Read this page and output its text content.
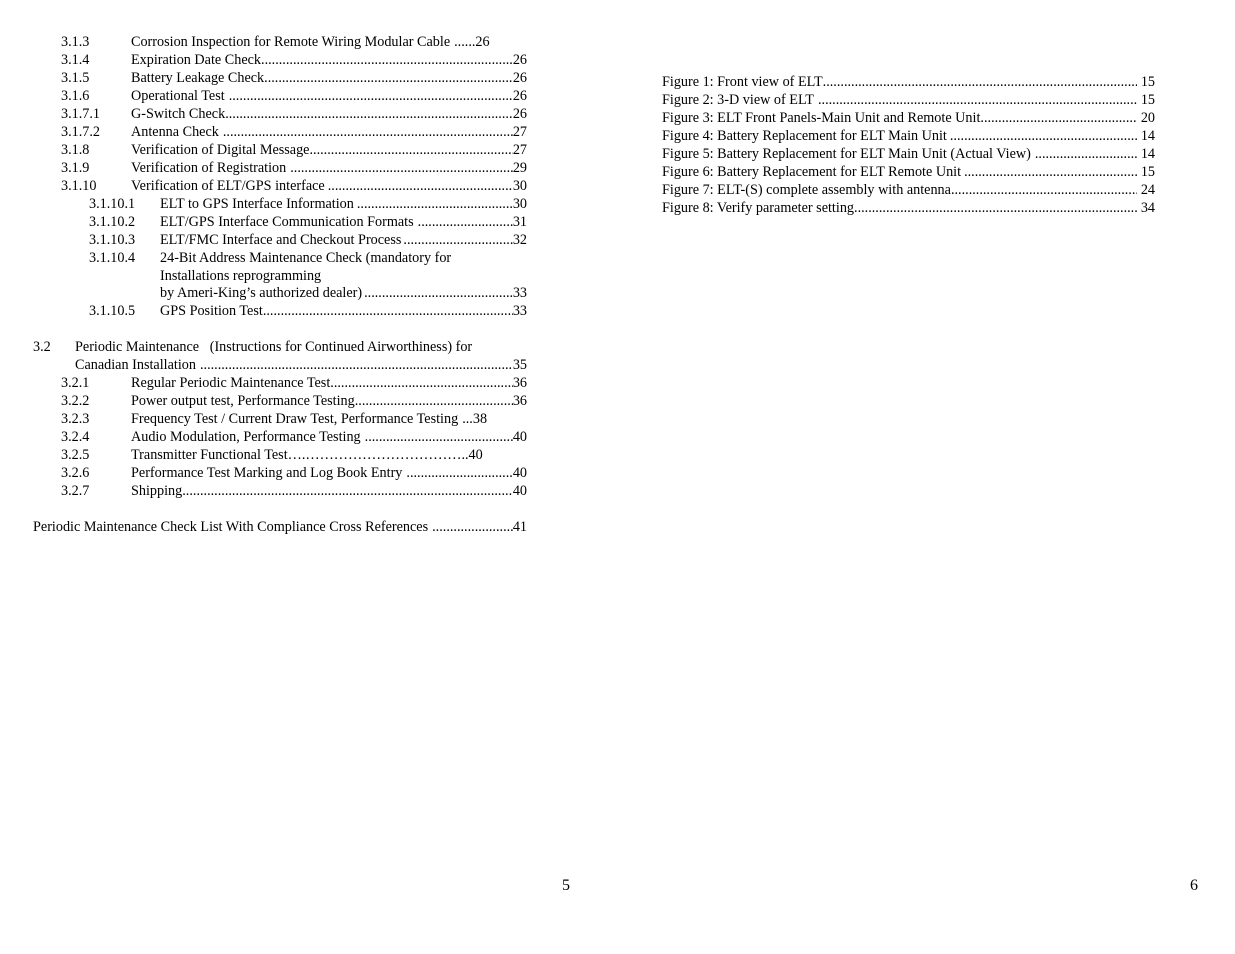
3.1.3	Corrosion Inspection for Remote Wiring Modular Cable ...... 26
3.1.4	Expiration Date Check .....	26
3.1.5	Battery Leakage Check .....	26
3.1.6	Operational Test .....	26
3.1.7.1 G-Switch Check .....	26
3.1.7.2 Antenna Check .....	27
3.1.8	Verification of Digital Message .....	27
3.1.9	Verification of Registration .....	29
3.1.10 Verification of ELT/GPS interface .....	30
3.1.10.1 ELT to GPS Interface Information .....	30
3.1.10.2 ELT/GPS Interface Communication Formats .....	31
3.1.10.3 ELT/FMC Interface and Checkout Process .....	32
3.1.10.4 24-Bit Address Maintenance Check (mandatory for
Installations reprogramming
by Ameri-King’s authorized dealer) .....	33
3.1.10.5 GPS Position Test .....	33
3.2 Periodic Maintenance   (Instructions for Continued Airworthiness) for
Canadian Installation .....	35
3.2.1	Regular Periodic Maintenance Test .....	36
3.2.2	Power output test, Performance Testing .....	36
3.2.3	Frequency Test / Current Draw Test, Performance Testing ... 38
3.2.4	Audio Modulation, Performance Testing .....	40
3.2.5	Transmitter Functional Test….……………………………..40
3.2.6	Performance Test Marking and Log Book Entry .....	40
3.2.7	Shipping .....	40
Periodic Maintenance Check List With Compliance Cross References .....	41
5
Figure 1: Front view of ELT .....	15
Figure 2: 3-D view of ELT .....	15
Figure 3: ELT Front Panels-Main Unit and Remote Unit .....	20
Figure 4: Battery Replacement for ELT Main Unit .....	14
Figure 5: Battery Replacement for ELT Main Unit (Actual View) .....	14
Figure 6: Battery Replacement for ELT Remote Unit .....	15
Figure 7: ELT-(S) complete assembly with antenna .....	24
Figure 8: Verify parameter setting .....	34
6
